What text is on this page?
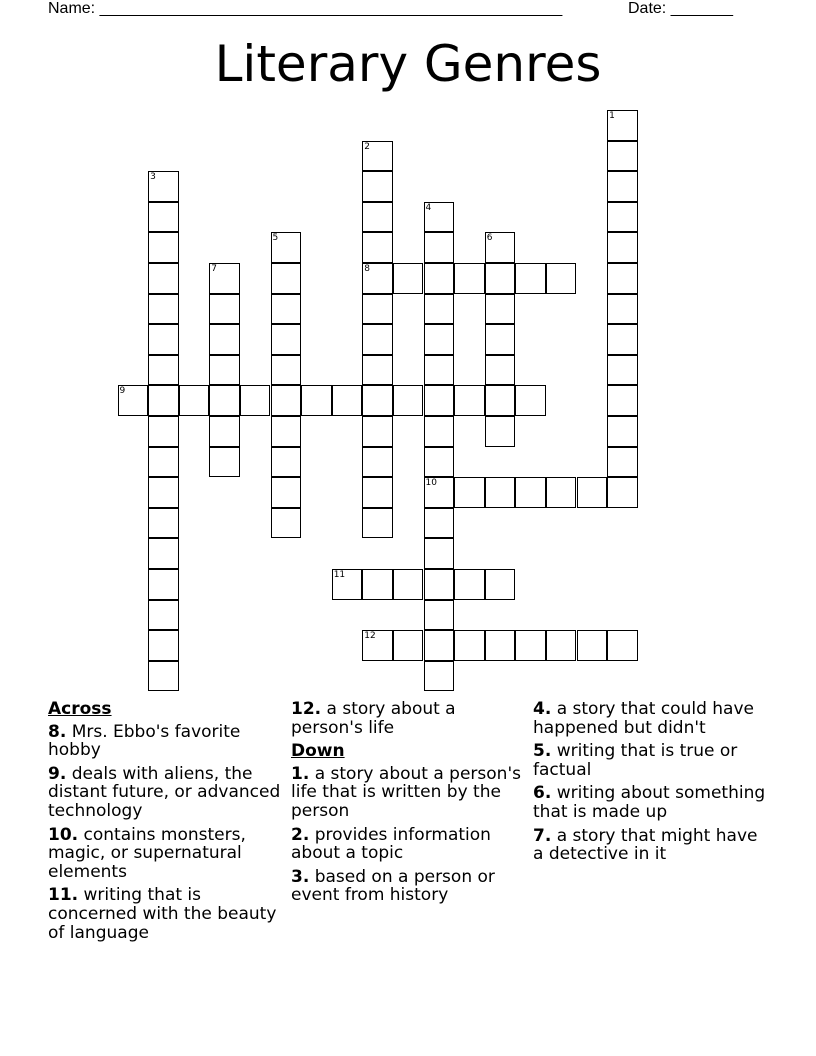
Name: ____________________________________________________	Date: _______
Literary Genres
1
2
8
3
4
10
5	6
7
9
11
12
Across
8. Mrs. Ebbo's favorite hobby
9. deals with aliens, the distant future, or advanced technology
10. contains monsters, magic, or supernatural elements
11. writing that is concerned with the beauty of language
12. a story about a person's life
Down
1. a story about a person's life that is written by the person
2. provides information about a topic
3. based on a person or event from history
4. a story that could have happened but didn't
5. writing that is true or factual
6. writing about something that is made up
7. a story that might have a detective in it
